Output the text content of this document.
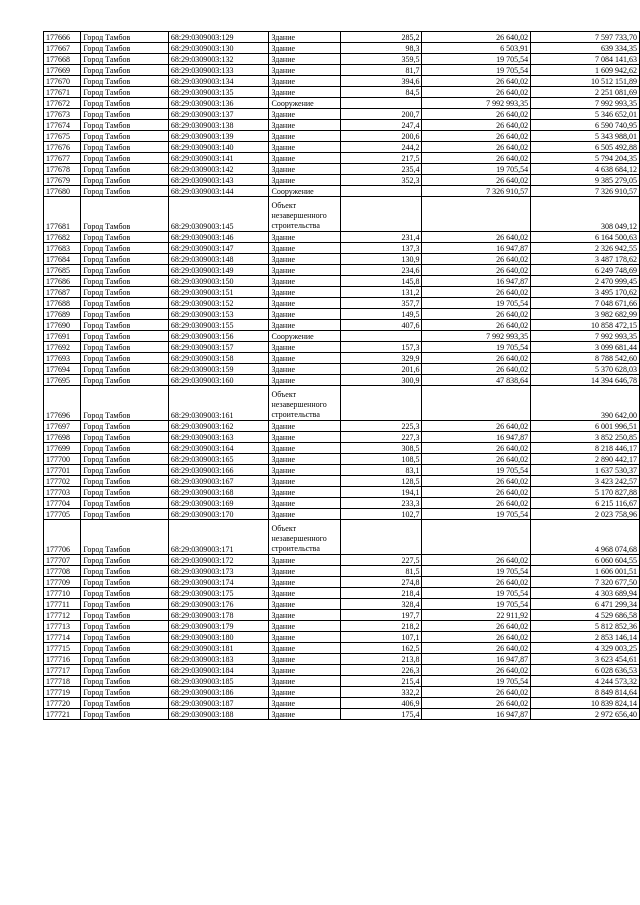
177666	Город Тамбов	68:29:0309003:129	Здание	285,2	26 640,02	7 597 733,70
177667	Город Тамбов	68:29:0309003:130	Здание	98,3	6 503,91	639 334,35
177668	Город Тамбов	68:29:0309003:132	Здание	359,5	19 705,54	7 084 141,63
177669	Город Тамбов	68:29:0309003:133	Здание	81,7	19 705,54	1 609 942,62
177670	Город Тамбов	68:29:0309003:134	Здание	394,6	26 640,02	10 512 151,89
177671	Город Тамбов	68:29:0309003:135	Здание	84,5	26 640,02	2 251 081,69
177672	Город Тамбов	68:29:0309003:136	Сооружение		7 992 993,35	7 992 993,35
177673	Город Тамбов	68:29:0309003:137	Здание	200,7	26 640,02	5 346 652,01
177674	Город Тамбов	68:29:0309003:138	Здание	247,4	26 640,02	6 590 740,95
177675	Город Тамбов	68:29:0309003:139	Здание	200,6	26 640,02	5 343 988,01
177676	Город Тамбов	68:29:0309003:140	Здание	244,2	26 640,02	6 505 492,88
177677	Город Тамбов	68:29:0309003:141	Здание	217,5	26 640,02	5 794 204,35
177678	Город Тамбов	68:29:0309003:142	Здание	235,4	19 705,54	4 638 684,12
177679	Город Тамбов	68:29:0309003:143	Здание	352,3	26 640,02	9 385 279,05
177680	Город Тамбов	68:29:0309003:144	Сооружение		7 326 910,57	7 326 910,57
177681	Город Тамбов	68:29:0309003:145	Объект незавершенного строительства			308 049,12
177682	Город Тамбов	68:29:0309003:146	Здание	231,4	26 640,02	6 164 500,63
177683	Город Тамбов	68:29:0309003:147	Здание	137,3	16 947,87	2 326 942,55
177684	Город Тамбов	68:29:0309003:148	Здание	130,9	26 640,02	3 487 178,62
177685	Город Тамбов	68:29:0309003:149	Здание	234,6	26 640,02	6 249 748,69
177686	Город Тамбов	68:29:0309003:150	Здание	145,8	16 947,87	2 470 999,45
177687	Город Тамбов	68:29:0309003:151	Здание	131,2	26 640,02	3 495 170,62
177688	Город Тамбов	68:29:0309003:152	Здание	357,7	19 705,54	7 048 671,66
177689	Город Тамбов	68:29:0309003:153	Здание	149,5	26 640,02	3 982 682,99
177690	Город Тамбов	68:29:0309003:155	Здание	407,6	26 640,02	10 858 472,15
177691	Город Тамбов	68:29:0309003:156	Сооружение		7 992 993,35	7 992 993,35
177692	Город Тамбов	68:29:0309003:157	Здание	157,3	19 705,54	3 099 681,44
177693	Город Тамбов	68:29:0309003:158	Здание	329,9	26 640,02	8 788 542,60
177694	Город Тамбов	68:29:0309003:159	Здание	201,6	26 640,02	5 370 628,03
177695	Город Тамбов	68:29:0309003:160	Здание	300,9	47 838,64	14 394 646,78
177696	Город Тамбов	68:29:0309003:161	Объект незавершенного строительства			390 642,00
177697	Город Тамбов	68:29:0309003:162	Здание	225,3	26 640,02	6 001 996,51
177698	Город Тамбов	68:29:0309003:163	Здание	227,3	16 947,87	3 852 250,85
177699	Город Тамбов	68:29:0309003:164	Здание	308,5	26 640,02	8 218 446,17
177700	Город Тамбов	68:29:0309003:165	Здание	108,5	26 640,02	2 890 442,17
177701	Город Тамбов	68:29:0309003:166	Здание	83,1	19 705,54	1 637 530,37
177702	Город Тамбов	68:29:0309003:167	Здание	128,5	26 640,02	3 423 242,57
177703	Город Тамбов	68:29:0309003:168	Здание	194,1	26 640,02	5 170 827,88
177704	Город Тамбов	68:29:0309003:169	Здание	233,3	26 640,02	6 215 116,67
177705	Город Тамбов	68:29:0309003:170	Здание	102,7	19 705,54	2 023 758,96
177706	Город Тамбов	68:29:0309003:171	Объект незавершенного строительства			4 968 074,68
177707	Город Тамбов	68:29:0309003:172	Здание	227,5	26 640,02	6 060 604,55
177708	Город Тамбов	68:29:0309003:173	Здание	81,5	19 705,54	1 606 001,51
177709	Город Тамбов	68:29:0309003:174	Здание	274,8	26 640,02	7 320 677,50
177710	Город Тамбов	68:29:0309003:175	Здание	218,4	19 705,54	4 303 689,94
177711	Город Тамбов	68:29:0309003:176	Здание	328,4	19 705,54	6 471 299,34
177712	Город Тамбов	68:29:0309003:178	Здание	197,7	22 911,92	4 529 686,58
177713	Город Тамбов	68:29:0309003:179	Здание	218,2	26 640,02	5 812 852,36
177714	Город Тамбов	68:29:0309003:180	Здание	107,1	26 640,02	2 853 146,14
177715	Город Тамбов	68:29:0309003:181	Здание	162,5	26 640,02	4 329 003,25
177716	Город Тамбов	68:29:0309003:183	Здание	213,8	16 947,87	3 623 454,61
177717	Город Тамбов	68:29:0309003:184	Здание	226,3	26 640,02	6 028 636,53
177718	Город Тамбов	68:29:0309003:185	Здание	215,4	19 705,54	4 244 573,32
177719	Город Тамбов	68:29:0309003:186	Здание	332,2	26 640,02	8 849 814,64
177720	Город Тамбов	68:29:0309003:187	Здание	406,9	26 640,02	10 839 824,14
177721	Город Тамбов	68:29:0309003:188	Здание	175,4	16 947,87	2 972 656,40
